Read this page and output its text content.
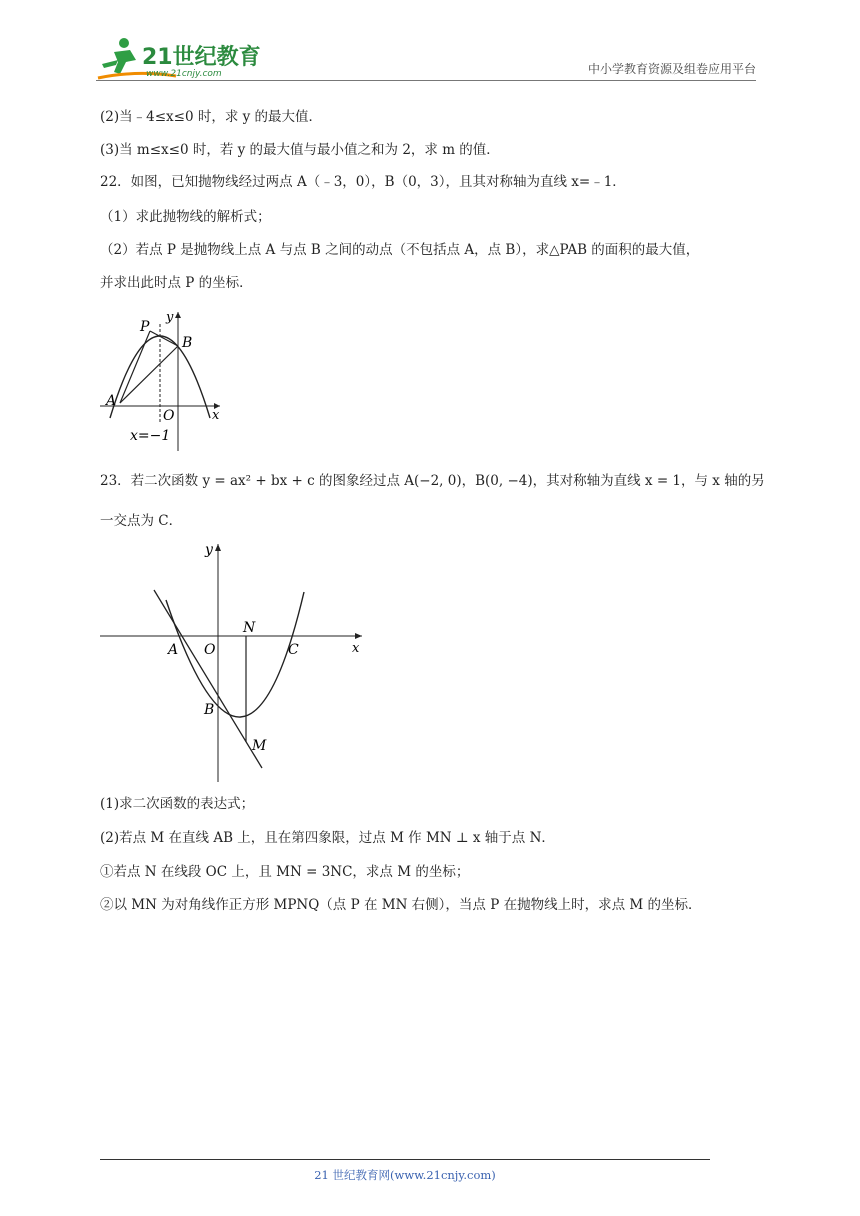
21世纪教育
www.21cnjy.com	中小学教育资源及组卷应用平台
(2)当﹣4≤x≤0 时，求 y 的最大值．
(3)当 m≤x≤0 时，若 y 的最大值与最小值之和为 2，求 m 的值．
22．如图，已知抛物线经过两点 A（﹣3，0），B（0，3），且其对称轴为直线 x=﹣1．
（1）求此抛物线的解析式；
（2）若点 P 是抛物线上点 A 与点 B 之间的动点（不包括点 A，点 B），求△PAB 的面积的最大值，
并求出此时点 P 的坐标．
P
y
B
A
O	x
x=−1
23．若二次函数 y = ax² + bx + c 的图象经过点 A(−2, 0)，B(0, −4)，其对称轴为直线 x = 1，与 x 轴的另
一交点为 C．
y
N
A O	C	x
B
M
(1)求二次函数的表达式；
(2)若点 M 在直线 AB 上，且在第四象限，过点 M 作 MN ⊥ x 轴于点 N．
①若点 N 在线段 OC 上，且 MN = 3NC，求点 M 的坐标；
②以 MN 为对角线作正方形 MPNQ（点 P 在 MN 右侧），当点 P 在抛物线上时，求点 M 的坐标．
21 世纪教育网(www.21cnjy.com)
